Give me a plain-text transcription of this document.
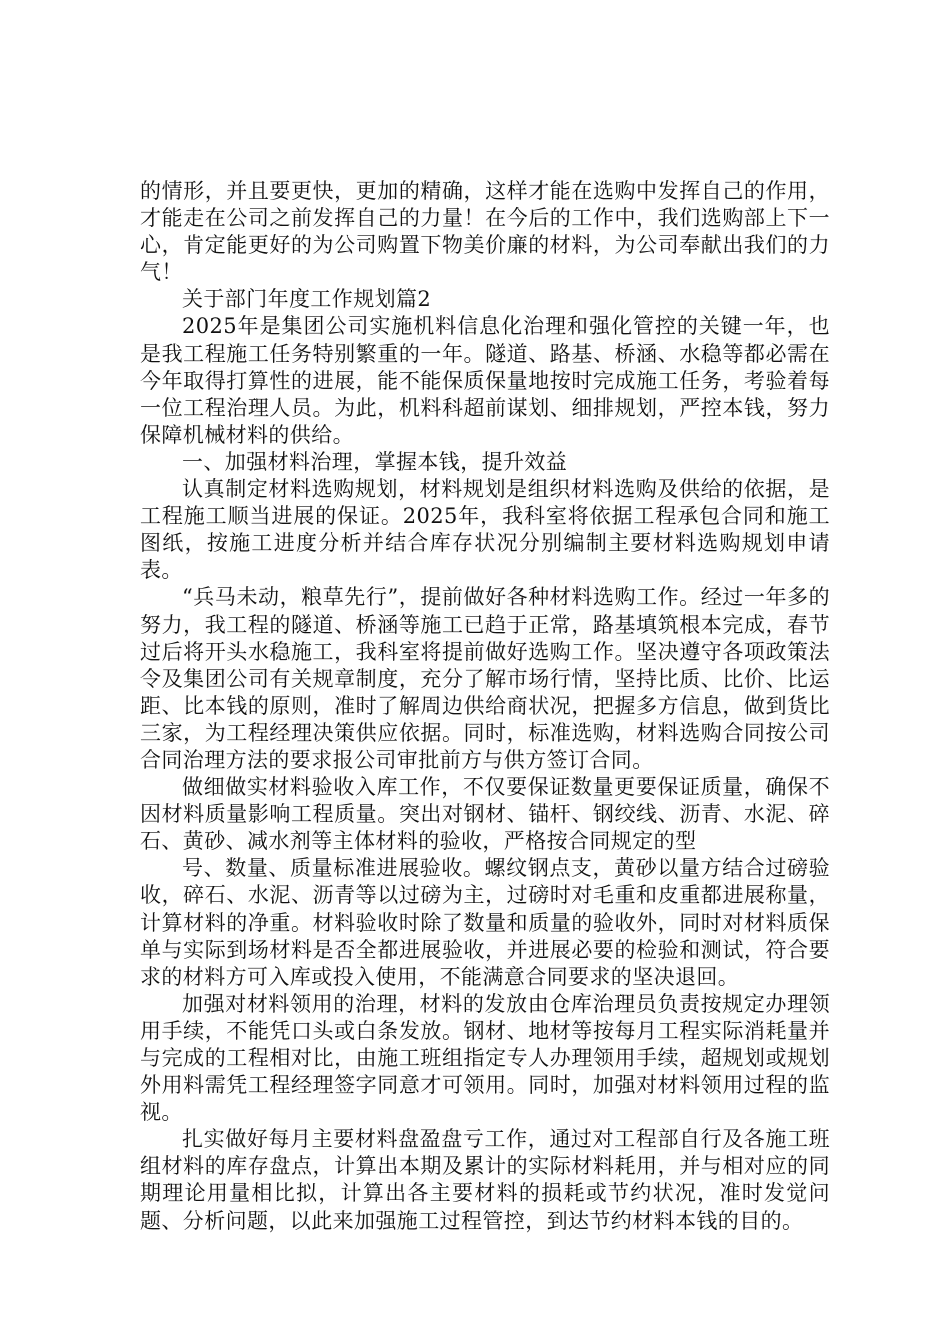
的情形，并且要更快，更加的精确，这样才能在选购中发挥自己的作用，才能走在公司之前发挥自己的力量！在今后的工作中，我们选购部上下一心，肯定能更好的为公司购置下物美价廉的材料，为公司奉献出我们的力气！

关于部门年度工作规划篇2

2025年是集团公司实施机料信息化治理和强化管控的关键一年，也是我工程施工任务特别繁重的一年。隧道、路基、桥涵、水稳等都必需在今年取得打算性的进展，能不能保质保量地按时完成施工任务，考验着每一位工程治理人员。为此，机料科超前谋划、细排规划，严控本钱，努力保障机械材料的供给。

一、加强材料治理，掌握本钱，提升效益

认真制定材料选购规划，材料规划是组织材料选购及供给的依据，是工程施工顺当进展的保证。2025年，我科室将依据工程承包合同和施工图纸，按施工进度分析并结合库存状况分别编制主要材料选购规划申请表。

“兵马未动，粮草先行”，提前做好各种材料选购工作。经过一年多的努力，我工程的隧道、桥涵等施工已趋于正常，路基填筑根本完成，春节过后将开头水稳施工，我科室将提前做好选购工作。坚决遵守各项政策法令及集团公司有关规章制度，充分了解市场行情，坚持比质、比价、比运距、比本钱的原则，准时了解周边供给商状况，把握多方信息，做到货比三家，为工程经理决策供应依据。同时，标准选购，材料选购合同按公司合同治理方法的要求报公司审批前方与供方签订合同。

做细做实材料验收入库工作，不仅要保证数量更要保证质量，确保不因材料质量影响工程质量。突出对钢材、锚杆、钢绞线、沥青、水泥、碎石、黄砂、减水剂等主体材料的验收，严格按合同规定的型

号、数量、质量标准进展验收。螺纹钢点支，黄砂以量方结合过磅验收，碎石、水泥、沥青等以过磅为主，过磅时对毛重和皮重都进展称量，计算材料的净重。材料验收时除了数量和质量的验收外，同时对材料质保单与实际到场材料是否全都进展验收，并进展必要的检验和测试，符合要求的材料方可入库或投入使用，不能满意合同要求的坚决退回。

加强对材料领用的治理，材料的发放由仓库治理员负责按规定办理领用手续，不能凭口头或白条发放。钢材、地材等按每月工程实际消耗量并与完成的工程相对比，由施工班组指定专人办理领用手续，超规划或规划外用料需凭工程经理签字同意才可领用。同时，加强对材料领用过程的监视。

扎实做好每月主要材料盘盈盘亏工作，通过对工程部自行及各施工班组材料的库存盘点，计算出本期及累计的实际材料耗用，并与相对应的同期理论用量相比拟，计算出各主要材料的损耗或节约状况，准时发觉问题、分析问题，以此来加强施工过程管控，到达节约材料本钱的目的。
